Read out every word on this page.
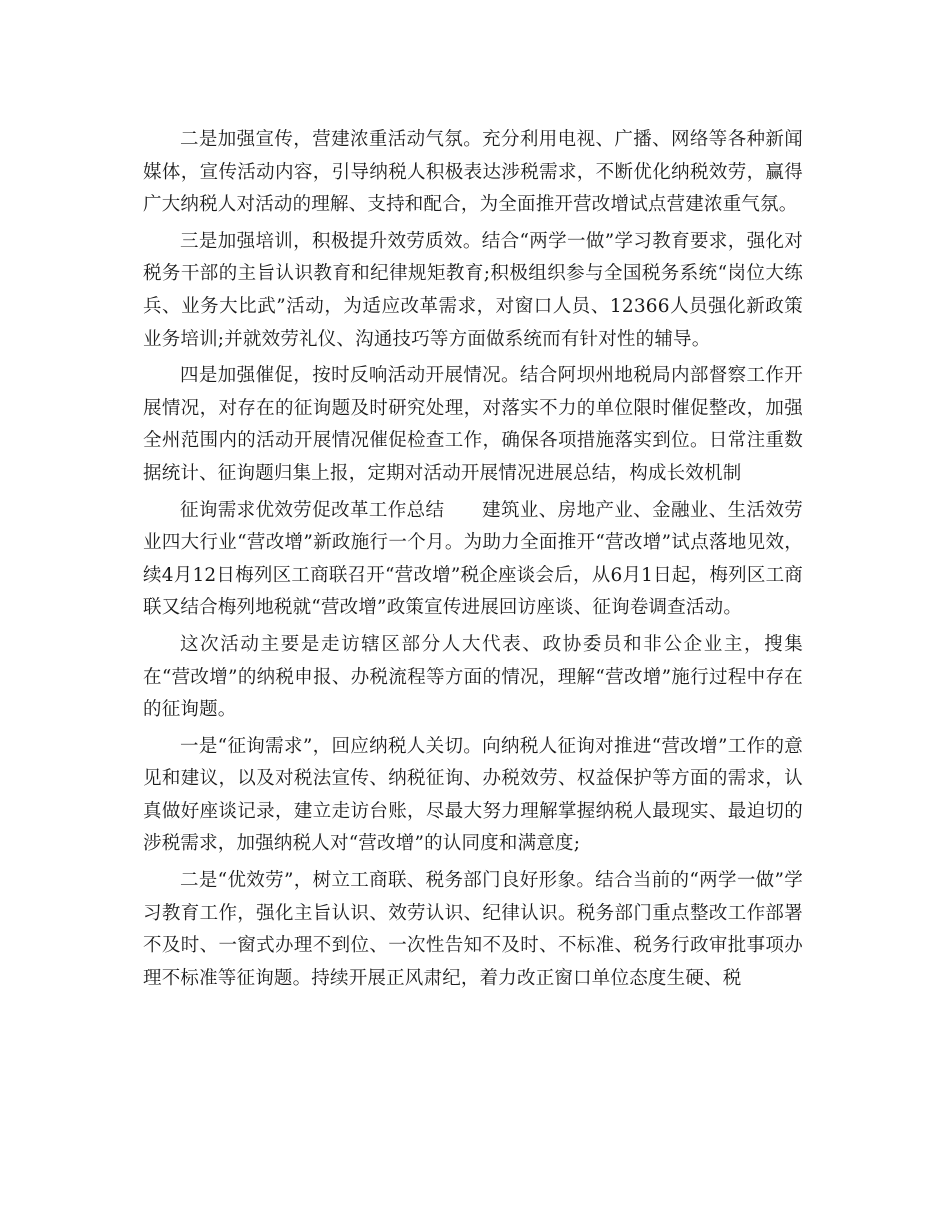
二是加强宣传，营建浓重活动气氛。充分利用电视、广播、网络等各种新闻媒体，宣传活动内容，引导纳税人积极表达涉税需求，不断优化纳税效劳，赢得广大纳税人对活动的理解、支持和配合，为全面推开营改增试点营建浓重气氛。

三是加强培训，积极提升效劳质效。结合“两学一做”学习教育要求，强化对税务干部的主旨认识教育和纪律规矩教育;积极组织参与全国税务系统“岗位大练兵、业务大比武”活动，为适应改革需求，对窗口人员、12366人员强化新政策业务培训;并就效劳礼仪、沟通技巧等方面做系统而有针对性的辅导。

四是加强催促，按时反响活动开展情况。结合阿坝州地税局内部督察工作开展情况，对存在的征询题及时研究处理，对落实不力的单位限时催促整改，加强全州范围内的活动开展情况催促检查工作，确保各项措施落实到位。日常注重数据统计、征询题归集上报，定期对活动开展情况进展总结，构成长效机制

征询需求优效劳促改革工作总结　　建筑业、房地产业、金融业、生活效劳业四大行业“营改增”新政施行一个月。为助力全面推开“营改增”试点落地见效，续4月12日梅列区工商联召开“营改增”税企座谈会后，从6月1日起，梅列区工商联又结合梅列地税就“营改增”政策宣传进展回访座谈、征询卷调查活动。

这次活动主要是走访辖区部分人大代表、政协委员和非公企业主，搜集在“营改增”的纳税申报、办税流程等方面的情况，理解“营改增”施行过程中存在的征询题。

一是“征询需求”，回应纳税人关切。向纳税人征询对推进“营改增”工作的意见和建议，以及对税法宣传、纳税征询、办税效劳、权益保护等方面的需求，认真做好座谈记录，建立走访台账，尽最大努力理解掌握纳税人最现实、最迫切的涉税需求，加强纳税人对“营改增”的认同度和满意度;

二是“优效劳”，树立工商联、税务部门良好形象。结合当前的“两学一做”学习教育工作，强化主旨认识、效劳认识、纪律认识。税务部门重点整改工作部署不及时、一窗式办理不到位、一次性告知不及时、不标准、税务行政审批事项办理不标准等征询题。持续开展正风肃纪，着力改正窗口单位态度生硬、税
